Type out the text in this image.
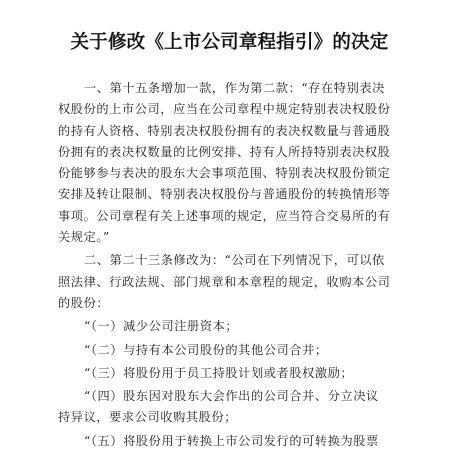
关于修改《上市公司章程指引》的决定
一、第十五条增加一款，作为第二款：“存在特别表决
权股份的上市公司，应当在公司章程中规定特别表决权股份
的持有人资格、特别表决权股份拥有的表决权数量与普通股
份拥有的表决权数量的比例安排、持有人所持特别表决权股
份能够参与表决的股东大会事项范围、特别表决权股份锁定
安排及转让限制、特别表决权股份与普通股份的转换情形等
事项。公司章程有关上述事项的规定，应当符合交易所的有
关规定。”
二、第二十三条修改为：“公司在下列情况下，可以依
照法律、行政法规、部门规章和本章程的规定，收购本公司
的股份：
“（一）减少公司注册资本；
“（二）与持有本公司股份的其他公司合并；
“（三）将股份用于员工持股计划或者股权激励；
“（四）股东因对股东大会作出的公司合并、分立决议
持异议，要求公司收购其股份；
“（五）将股份用于转换上市公司发行的可转换为股票
